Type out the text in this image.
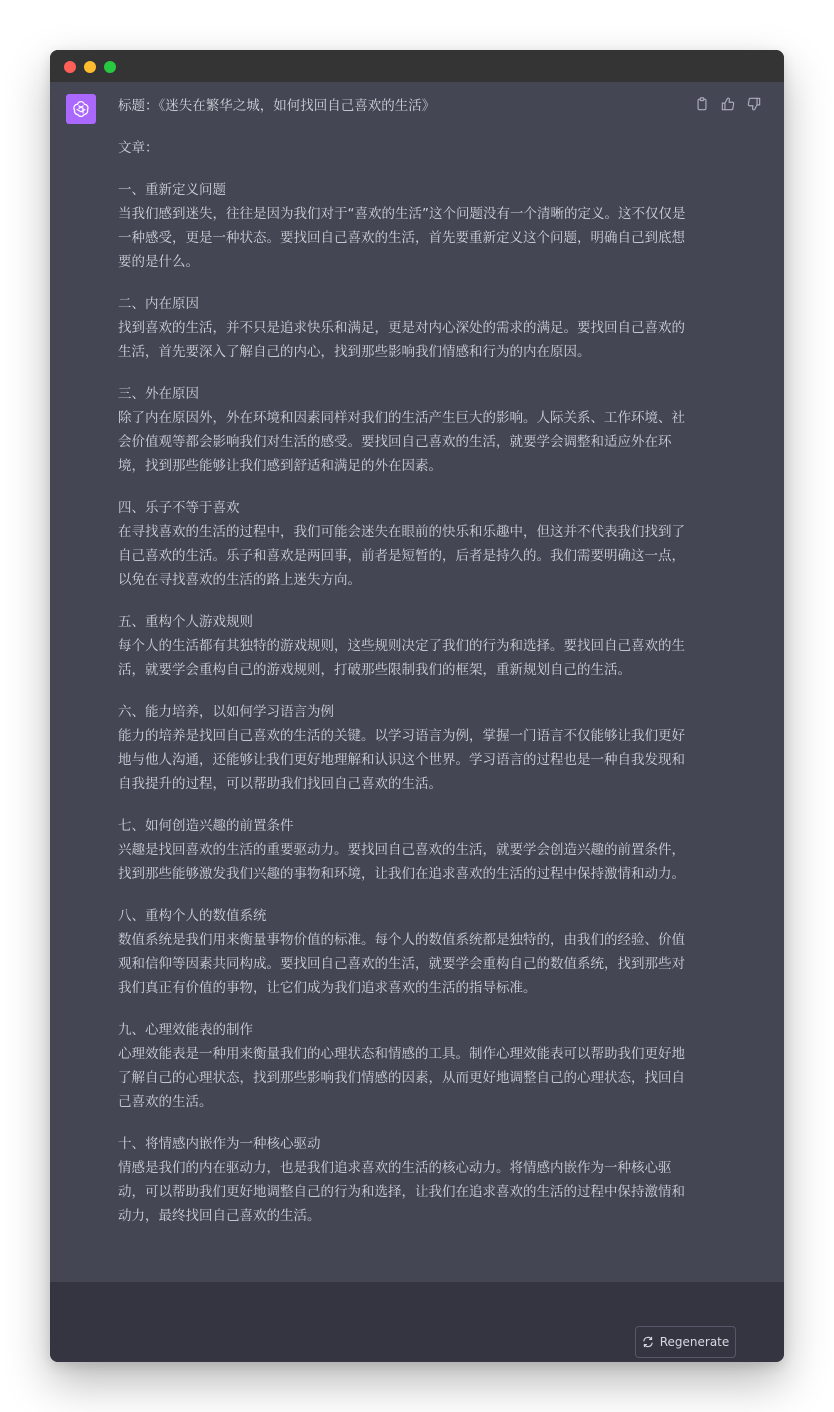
标题：《迷失在繁华之城，如何找回自己喜欢的生活》

文章：

一、重新定义问题
当我们感到迷失，往往是因为我们对于“喜欢的生活”这个问题没有一个清晰的定义。这不仅仅是一种感受，更是一种状态。要找回自己喜欢的生活，首先要重新定义这个问题，明确自己到底想要的是什么。
二、内在原因
找到喜欢的生活，并不只是追求快乐和满足，更是对内心深处的需求的满足。要找回自己喜欢的生活，首先要深入了解自己的内心，找到那些影响我们情感和行为的内在原因。
三、外在原因
除了内在原因外，外在环境和因素同样对我们的生活产生巨大的影响。人际关系、工作环境、社会价值观等都会影响我们对生活的感受。要找回自己喜欢的生活，就要学会调整和适应外在环境，找到那些能够让我们感到舒适和满足的外在因素。
四、乐子不等于喜欢
在寻找喜欢的生活的过程中，我们可能会迷失在眼前的快乐和乐趣中，但这并不代表我们找到了自己喜欢的生活。乐子和喜欢是两回事，前者是短暂的，后者是持久的。我们需要明确这一点，以免在寻找喜欢的生活的路上迷失方向。
五、重构个人游戏规则
每个人的生活都有其独特的游戏规则，这些规则决定了我们的行为和选择。要找回自己喜欢的生活，就要学会重构自己的游戏规则，打破那些限制我们的框架，重新规划自己的生活。
六、能力培养，以如何学习语言为例
能力的培养是找回自己喜欢的生活的关键。以学习语言为例，掌握一门语言不仅能够让我们更好地与他人沟通，还能够让我们更好地理解和认识这个世界。学习语言的过程也是一种自我发现和自我提升的过程，可以帮助我们找回自己喜欢的生活。
七、如何创造兴趣的前置条件
兴趣是找回喜欢的生活的重要驱动力。要找回自己喜欢的生活，就要学会创造兴趣的前置条件，找到那些能够激发我们兴趣的事物和环境，让我们在追求喜欢的生活的过程中保持激情和动力。
八、重构个人的数值系统
数值系统是我们用来衡量事物价值的标准。每个人的数值系统都是独特的，由我们的经验、价值观和信仰等因素共同构成。要找回自己喜欢的生活，就要学会重构自己的数值系统，找到那些对我们真正有价值的事物，让它们成为我们追求喜欢的生活的指导标准。
九、心理效能表的制作
心理效能表是一种用来衡量我们的心理状态和情感的工具。制作心理效能表可以帮助我们更好地了解自己的心理状态，找到那些影响我们情感的因素，从而更好地调整自己的心理状态，找回自己喜欢的生活。
十、将情感内嵌作为一种核心驱动
情感是我们的内在驱动力，也是我们追求喜欢的生活的核心动力。将情感内嵌作为一种核心驱动，可以帮助我们更好地调整自己的行为和选择，让我们在追求喜欢的生活的过程中保持激情和动力，最终找回自己喜欢的生活。
Regenerate
